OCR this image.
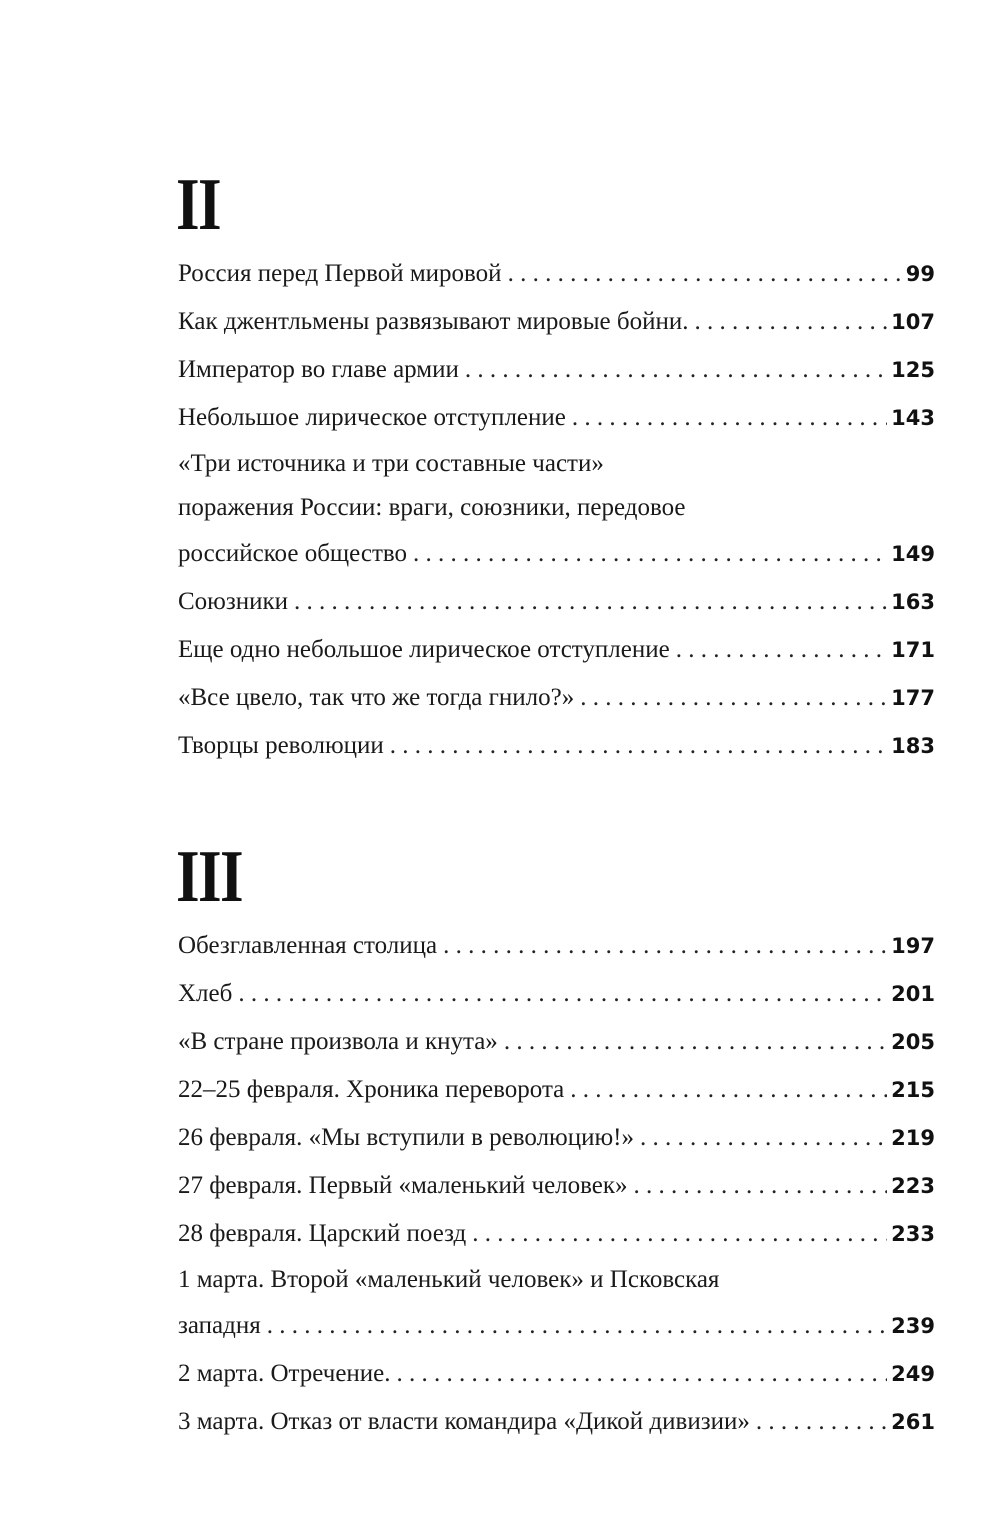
II
Россия перед Первой мировой . . .	99
Как джентльмены развязывают мировые бойни. . . .	107
Император во главе армии . . .	125
Небольшое лирическое отступление . . .	143
«Три источника и три составные части»
поражения России: враги, союзники, передовое
российское общество . . .	149
Союзники . . .	163
Еще одно небольшое лирическое отступление . . .	171
«Все цвело, так что же тогда гнило?» . . .	177
Творцы революции . . .	183
III
Обезглавленная столица . . .	197
Хлеб . . .	201
«В стране произвола и кнута» . . .	205
22–25 февраля. Хроника переворота . . .	215
26 февраля. «Мы вступили в революцию!» . . .	219
27 февраля. Первый «маленький человек» . . .	223
28 февраля. Царский поезд . . .	233
1 марта. Второй «маленький человек» и Псковская
западня . . .	239
2 марта. Отречение. . . .	249
3 марта. Отказ от власти командира «Дикой дивизии» . . .	261
